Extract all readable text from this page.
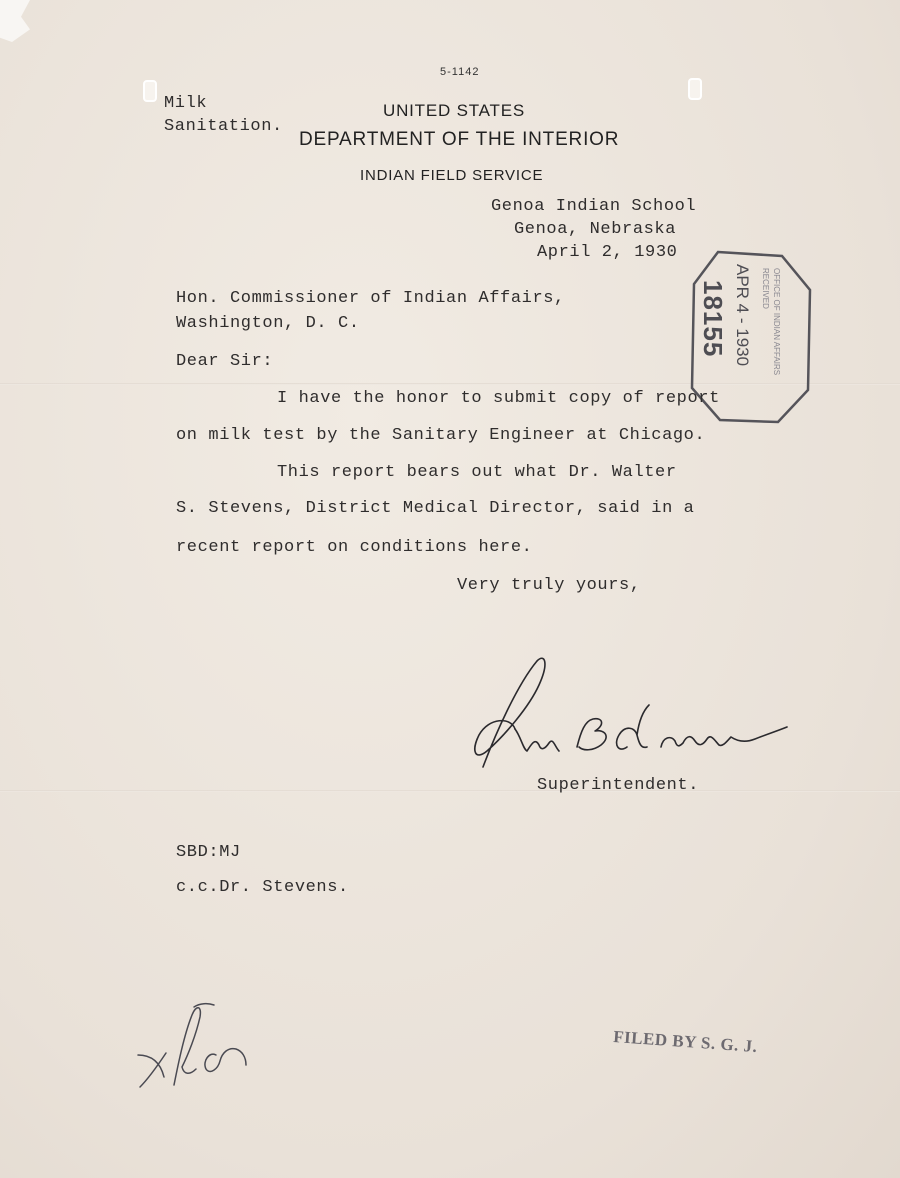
5-1142
Milk
Sanitation.
UNITED STATES
DEPARTMENT OF THE INTERIOR
INDIAN FIELD SERVICE
Genoa Indian School
Genoa, Nebraska
April 2, 1930
APR 4 - 1930
18155	OFFICE OF INDIAN AFFAIRS RECEIVED
Hon. Commissioner of Indian Affairs,
Washington, D. C.
Dear Sir:
I have the honor to submit copy of report
on milk test by the Sanitary Engineer at Chicago.
This report bears out what Dr. Walter
S. Stevens, District Medical Director, said in a
recent report on conditions here.
Very truly yours,
Superintendent.
SBD:MJ
c.c.Dr. Stevens.
FILED BY S. G. J.
